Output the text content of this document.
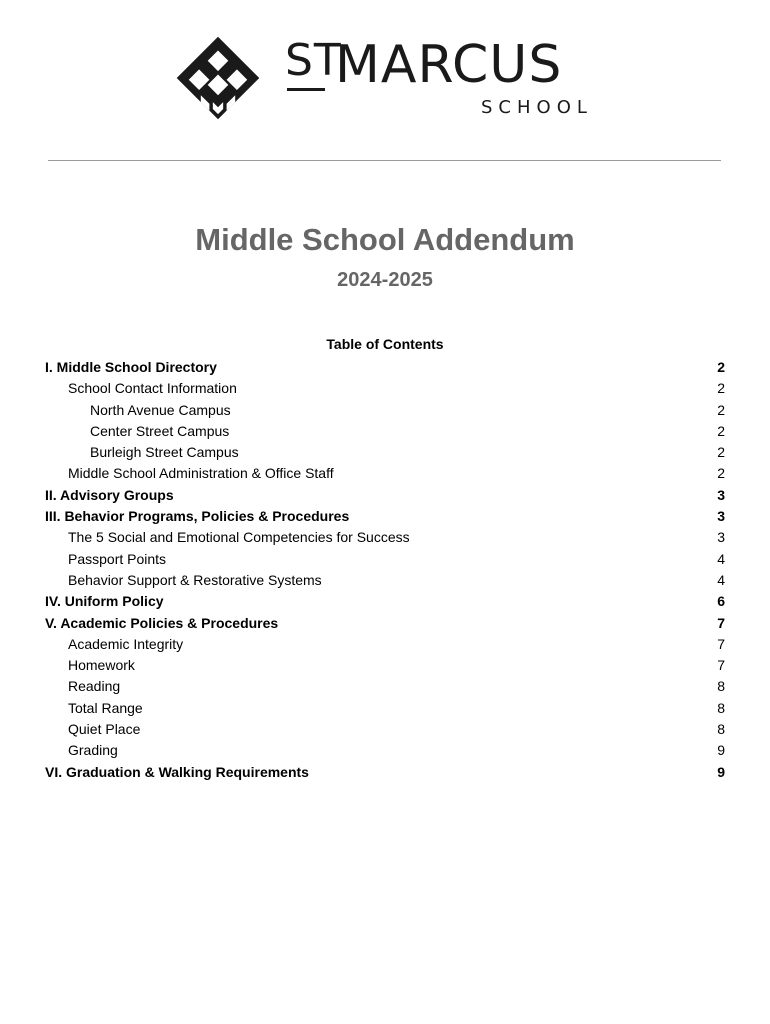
ST
MARCUS
SCHOOL
Middle School Addendum
2024-2025
Table of Contents
I. Middle School Directory	2
School Contact Information	2
North Avenue Campus	2
Center Street Campus	2
Burleigh Street Campus	2
Middle School Administration & Office Staff	2
II. Advisory Groups	3
III. Behavior Programs, Policies & Procedures	3
The 5 Social and Emotional Competencies for Success	3
Passport Points	4
Behavior Support & Restorative Systems	4
IV. Uniform Policy	6
V. Academic Policies & Procedures	7
Academic Integrity	7
Homework	7
Reading	8
Total Range	8
Quiet Place	8
Grading	9
VI. Graduation & Walking Requirements	9
